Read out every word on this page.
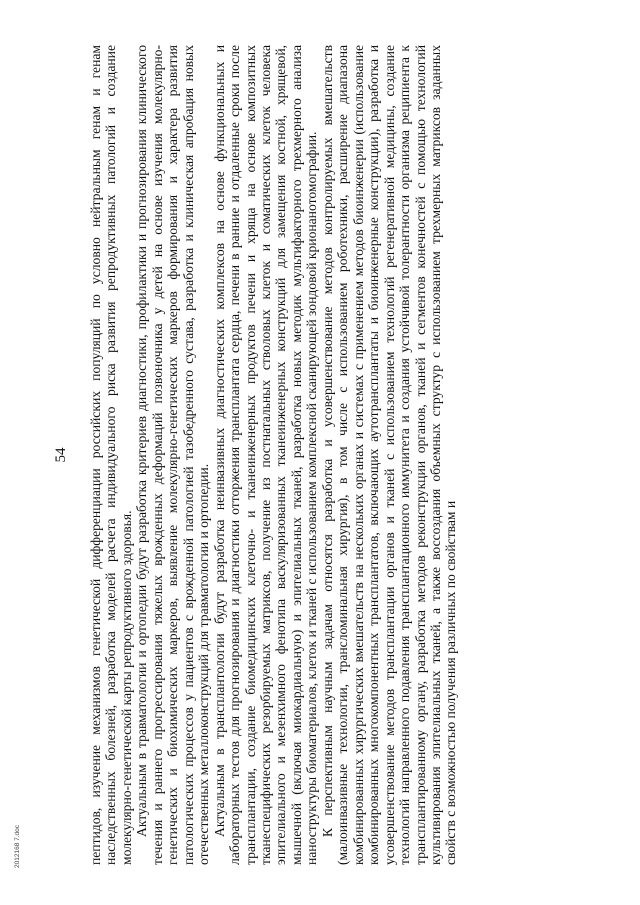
54 пептидов, изучение механизмов генетической дифференциации российских популяций по условно нейтральным генам и генам наследственных болезней, разработка моделей расчета индивидуального риска развития репродуктивных патологий и создание молекулярно-генетической карты репродуктивного здоровья. Актуальным в травматологии и ортопедии будут разработка критериев диагностики, профилактики и прогнозирования клинического течения и раннего прогрессирования тяжелых врожденных деформаций позвоночника у детей на основе изучения молекулярно-генетических и биохимических маркеров, выявление молекулярно-генетических маркеров формирования и характера развития патологических процессов у пациентов с врожденной патологией тазобедренного сустава, разработка и клиническая апробация новых отечественных металлоконструкций для травматологии и ортопедии. Актуальным в трансплантологии будут разработка неинвазивных диагностических комплексов на основе функциональных и лабораторных тестов для прогнозирования и диагностики отторжения трансплантата сердца, печени в ранние и отдаленные сроки после трансплантации, создание биомедицинских клеточно- и тканеинженерных продуктов печени и хряща на основе композитных тканеспецифических резорбируемых матриксов, получение из постнатальных стволовых клеток и соматических клеток человека эпителиального и мезенхимного фенотипа васкуляризованных тканеинженерных конструкций для замещения костной, хрящевой, мышечной (включая миокардиальную) и эпителиальных тканей, разработка новых методик мультифакторного трехмерного анализа наноструктуры биоматериалов, клеток и тканей с использованием комплексной сканирующей зондовой крионанотомографии. К перспективным научным задачам относятся разработка и усовершенствование методов контролируемых вмешательств (малоинвазивные технологии, трансломинальная хирургия), в том числе с использованием роботехники, расширение диапазона комбинированных хирургических вмешательств на нескольких органах и системах с применением методов биоинженерии (использование комбинированных многокомпонентных трансплантатов, включающих аутотрансплантаты и биоинженерные конструкции), разработка и усовершенствование методов трансплантации органов и тканей с использованием технологий регенеративной медицины, создание технологий направленного подавления трансплантационного иммунитета и создания устойчивой толерантности организма реципиента к трансплантированному органу, разработка методов реконструкции органов, тканей и сегментов конечностей с помощью технологий культивирования эпителиальных тканей, а также воссоздания объемных структур с использованием трехмерных матриксов заданных свойств с возможностью получения различных по свойствам и

2012168 7.doc
